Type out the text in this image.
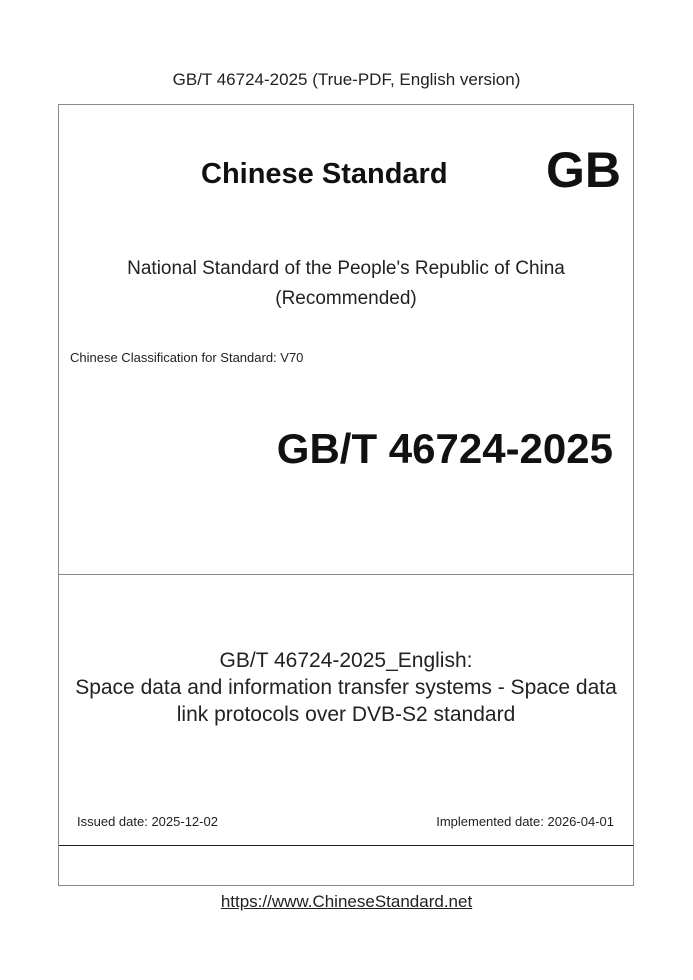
GB/T 46724-2025 (True-PDF, English version)
Chinese Standard GB
National Standard of the People's Republic of China
(Recommended)
Chinese Classification for Standard: V70
GB/T 46724-2025
GB/T 46724-2025_English:
Space data and information transfer systems - Space data
link protocols over DVB-S2 standard
Issued date: 2025-12-02	Implemented date: 2026-04-01
https://www.ChineseStandard.net
